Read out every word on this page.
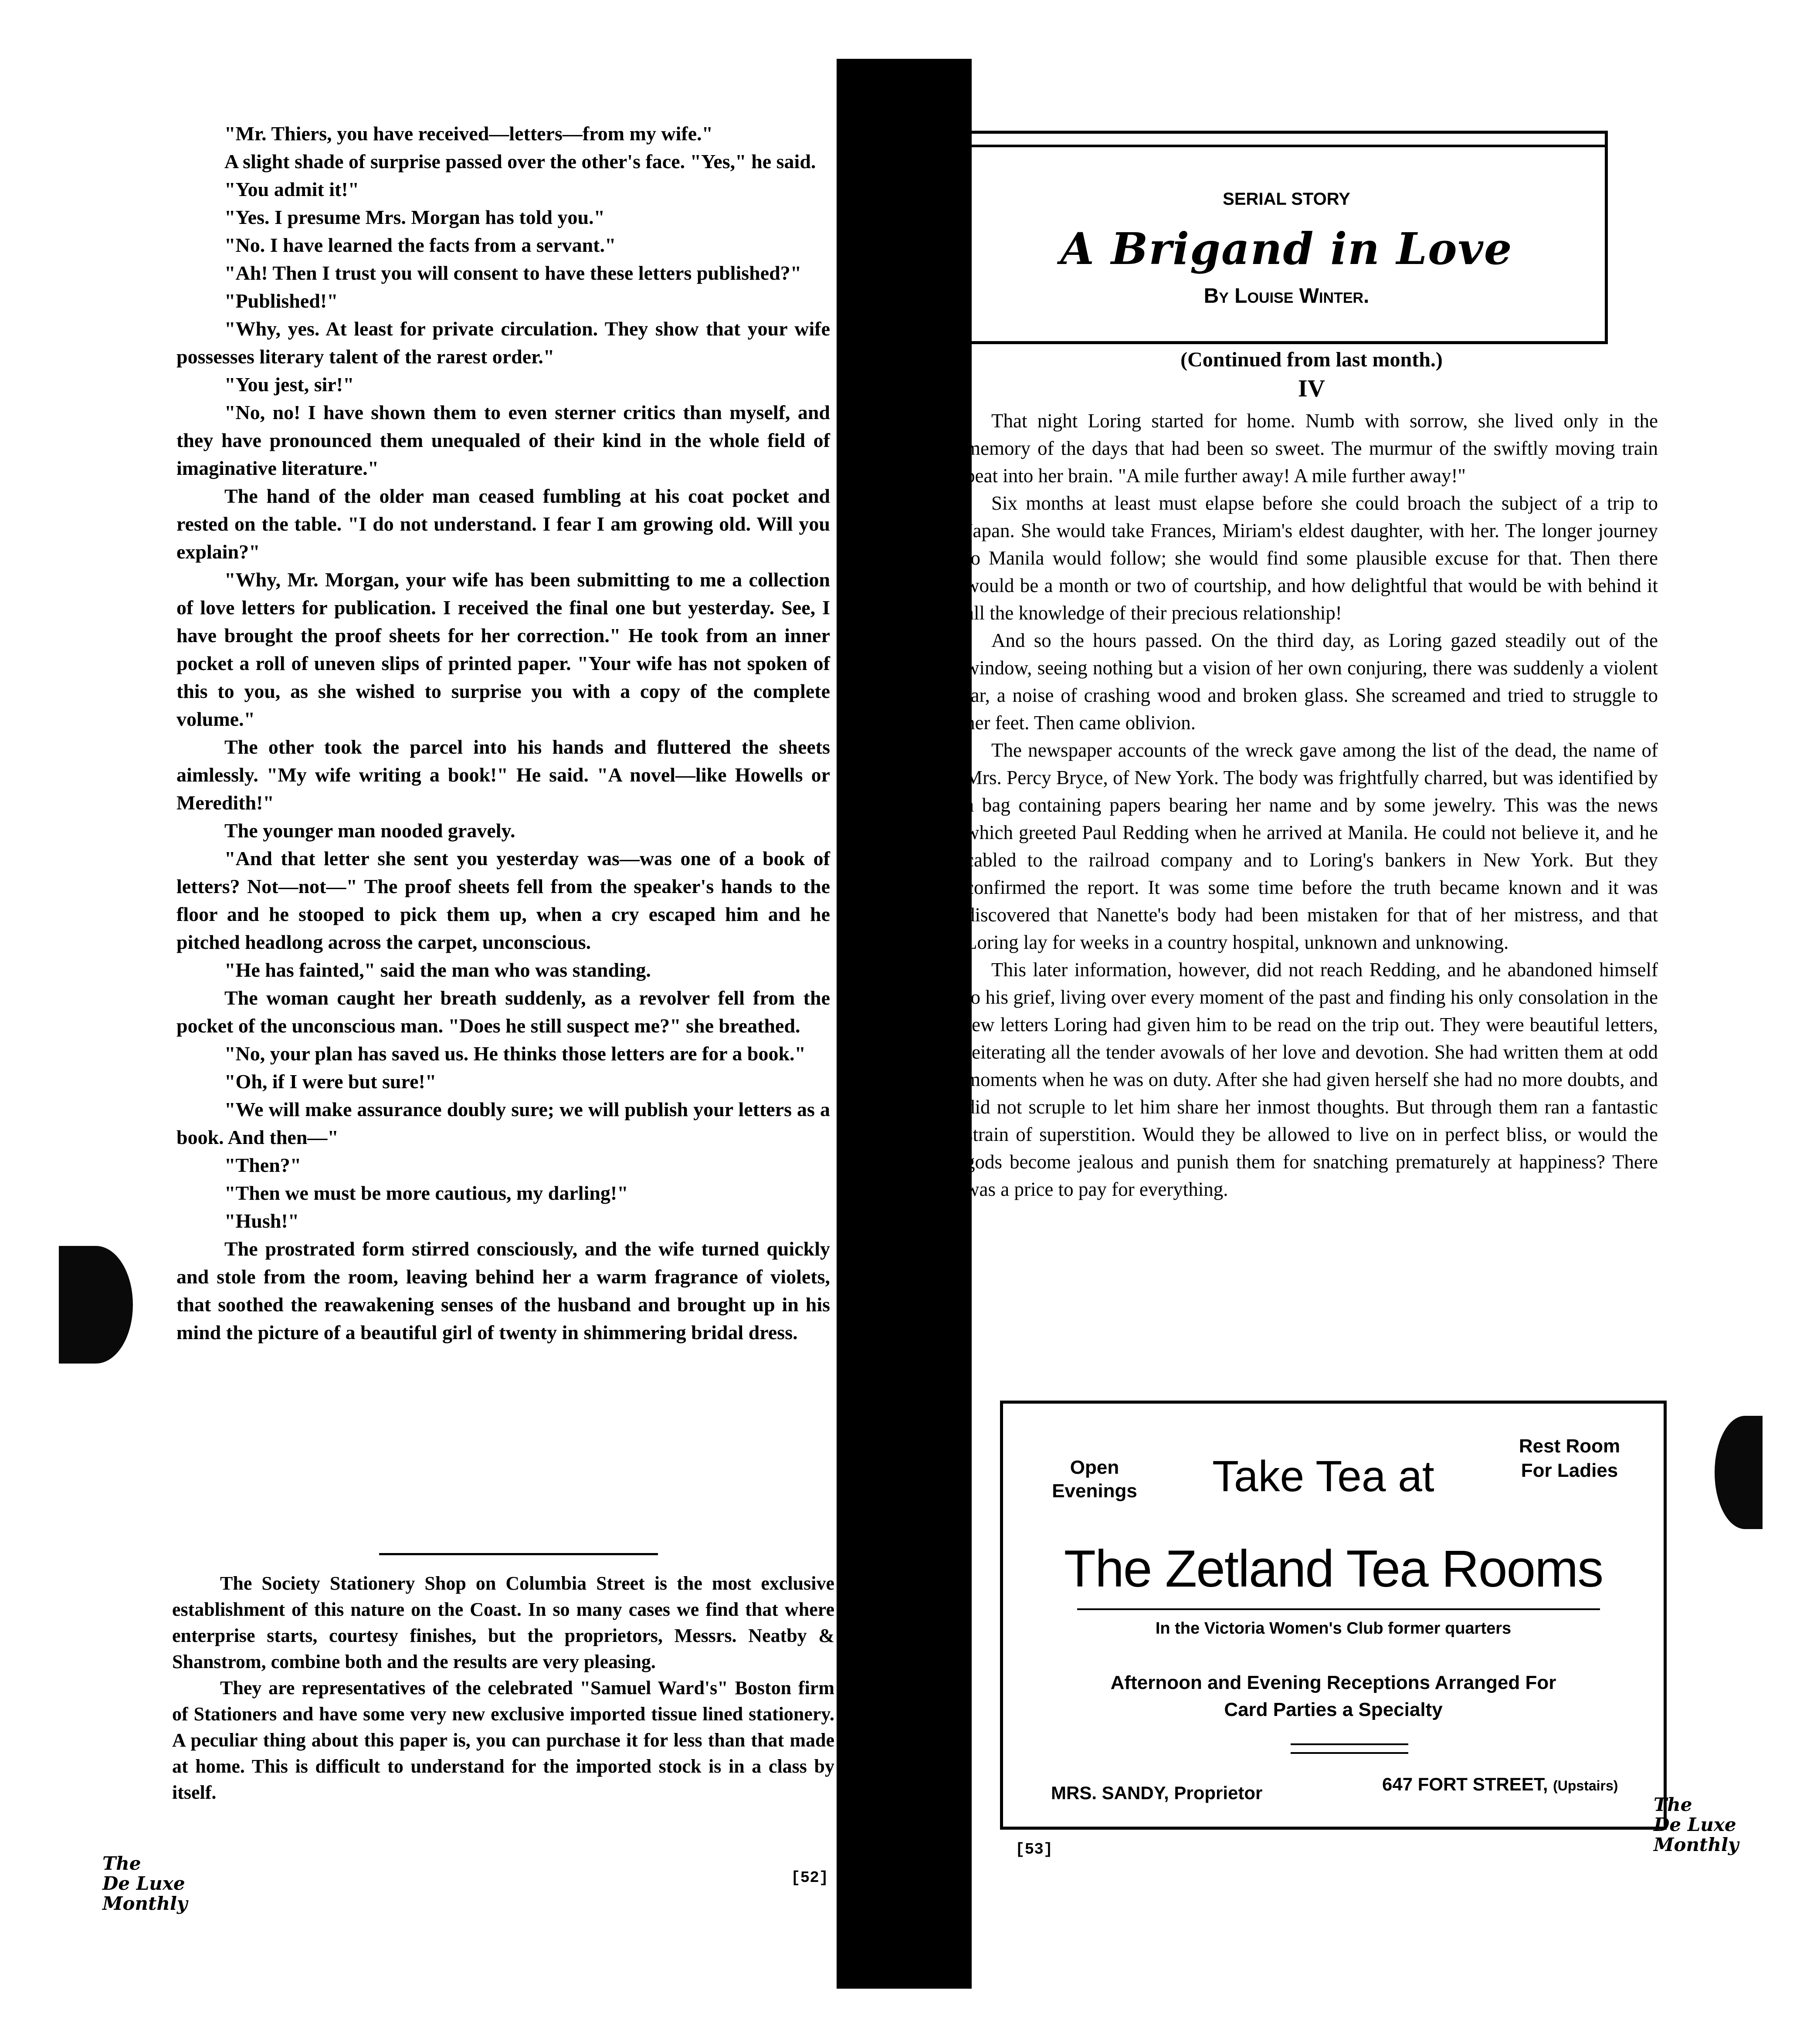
"Mr. Thiers, you have received—letters—from my wife."

A slight shade of surprise passed over the other's face. "Yes," he said.

"You admit it!"

"Yes. I presume Mrs. Morgan has told you."

"No. I have learned the facts from a servant."

"Ah! Then I trust you will consent to have these letters published?"

"Published!"

"Why, yes. At least for private circulation. They show that your wife possesses literary talent of the rarest order."

"You jest, sir!"

"No, no! I have shown them to even sterner critics than myself, and they have pronounced them unequaled of their kind in the whole field of imaginative literature."

The hand of the older man ceased fumbling at his coat pocket and rested on the table. "I do not understand. I fear I am growing old. Will you explain?"

"Why, Mr. Morgan, your wife has been submitting to me a collection of love letters for publication. I received the final one but yesterday. See, I have brought the proof sheets for her correction." He took from an inner pocket a roll of uneven slips of printed paper. "Your wife has not spoken of this to you, as she wished to surprise you with a copy of the complete volume."

The other took the parcel into his hands and fluttered the sheets aimlessly. "My wife writing a book!" He said. "A novel—like Howells or Meredith!"

The younger man nooded gravely.

"And that letter she sent you yesterday was—was one of a book of letters? Not—not—" The proof sheets fell from the speaker's hands to the floor and he stooped to pick them up, when a cry escaped him and he pitched headlong across the carpet, unconscious.

"He has fainted," said the man who was standing.

The woman caught her breath suddenly, as a revolver fell from the pocket of the unconscious man. "Does he still suspect me?" she breathed.

"No, your plan has saved us. He thinks those letters are for a book."

"Oh, if I were but sure!"

"We will make assurance doubly sure; we will publish your letters as a book. And then—"

"Then?"

"Then we must be more cautious, my darling!"

"Hush!"

The prostrated form stirred consciously, and the wife turned quickly and stole from the room, leaving behind her a warm fragrance of violets, that soothed the reawakening senses of the husband and brought up in his mind the picture of a beautiful girl of twenty in shimmering bridal dress.

The Society Stationery Shop on Columbia Street is the most exclusive establishment of this nature on the Coast. In so many cases we find that where enterprise starts, courtesy finishes, but the proprietors, Messrs. Neatby & Shanstrom, combine both and the results are very pleasing.

They are representatives of the celebrated "Samuel Ward's" Boston firm of Stationers and have some very new exclusive imported tissue lined stationery. A peculiar thing about this paper is, you can purchase it for less than that made at home. This is difficult to understand for the imported stock is in a class by itself.

The
De Luxe
Monthly
[52]
SERIAL STORY
A Brigand in Love
By Louise Winter.
(Continued from last month.)
IV

That night Loring started for home. Numb with sorrow, she lived only in the memory of the days that had been so sweet. The murmur of the swiftly moving train beat into her brain. "A mile further away! A mile further away!"

Six months at least must elapse before she could broach the subject of a trip to Japan. She would take Frances, Miriam's eldest daughter, with her. The longer journey to Manila would follow; she would find some plausible excuse for that. Then there would be a month or two of courtship, and how delightful that would be with behind it all the knowledge of their precious relationship!

And so the hours passed. On the third day, as Loring gazed steadily out of the window, seeing nothing but a vision of her own conjuring, there was suddenly a violent jar, a noise of crashing wood and broken glass. She screamed and tried to struggle to her feet. Then came oblivion.

The newspaper accounts of the wreck gave among the list of the dead, the name of Mrs. Percy Bryce, of New York. The body was frightfully charred, but was identified by a bag containing papers bearing her name and by some jewelry. This was the news which greeted Paul Redding when he arrived at Manila. He could not believe it, and he cabled to the railroad company and to Loring's bankers in New York. But they confirmed the report. It was some time before the truth became known and it was discovered that Nanette's body had been mistaken for that of her mistress, and that Loring lay for weeks in a country hospital, unknown and unknowing.

This later information, however, did not reach Redding, and he abandoned himself to his grief, living over every moment of the past and finding his only consolation in the few letters Loring had given him to be read on the trip out. They were beautiful letters, reiterating all the tender avowals of her love and devotion. She had written them at odd moments when he was on duty. After she had given herself she had no more doubts, and did not scruple to let him share her inmost thoughts. But through them ran a fantastic strain of superstition. Would they be allowed to live on in perfect bliss, or would the gods become jealous and punish them for snatching prematurely at happiness? There was a price to pay for everything.

Open Evenings Take Tea at
Rest Room For Ladies
The Zetland Tea Rooms
In the Victoria Women's Club former quarters
Afternoon and Evening Receptions Arranged For
Card Parties a Specialty
MRS. SANDY, Proprietor	647 FORT STREET, (Upstairs)
[53]
The
De Luxe
Monthly
